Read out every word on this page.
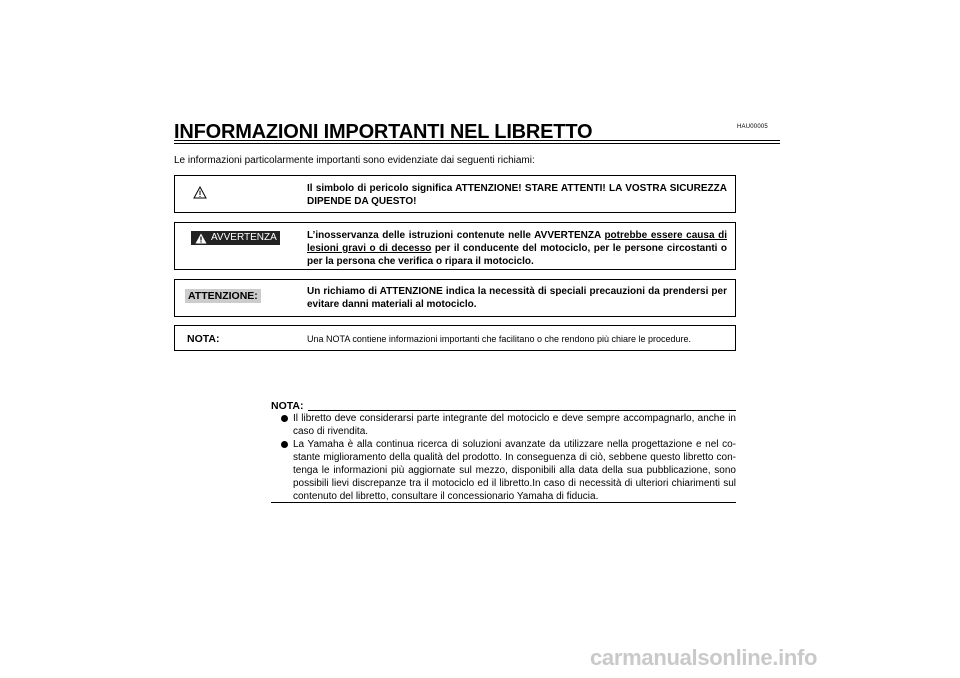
HAU00005
INFORMAZIONI IMPORTANTI NEL LIBRETTO
Le informazioni particolarmente importanti sono evidenziate dai seguenti richiami:
Il simbolo di pericolo significa ATTENZIONE! STARE ATTENTI! LA VOSTRA SICUREZZA DIPENDE DA QUESTO!
AVVERTENZA	L’inosservanza delle istruzioni contenute nelle AVVERTENZA potrebbe essere causa di lesioni gravi o di decesso per il conducente del motociclo, per le persone circostanti o per la persona che verifica o ripara il motociclo.
ATTENZIONE:	Un richiamo di ATTENZIONE indica la necessità di speciali precauzioni da prendersi per evitare danni materiali al motociclo.
NOTA:	Una NOTA contiene informazioni importanti che facilitano o che rendono più chiare le procedure.
NOTA:
Il libretto deve considerarsi parte integrante del motociclo e deve sempre accompagnarlo, anche in caso di rivendita.
La Yamaha è alla continua ricerca di soluzioni avanzate da utilizzare nella progettazione e nel co- stante miglioramento della qualità del prodotto. In conseguenza di ciò, sebbene questo libretto con- tenga le informazioni più aggiornate sul mezzo, disponibili alla data della sua pubblicazione, sono possibili lievi discrepanze tra il motociclo ed il libretto.In caso di necessità di ulteriori chiarimenti sul contenuto del libretto, consultare il concessionario Yamaha di fiducia.
carmanualsonline.info
